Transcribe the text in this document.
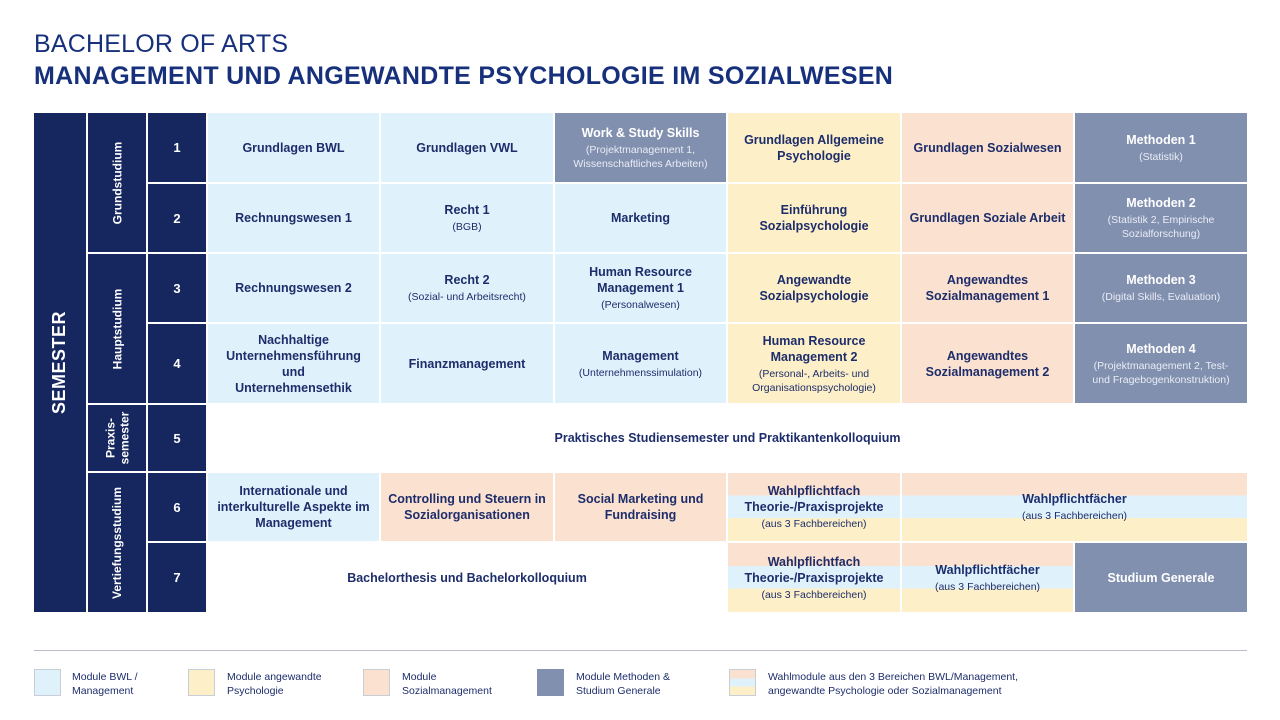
BACHELOR OF ARTS
MANAGEMENT UND ANGEWANDTE PSYCHOLOGIE IM SOZIALWESEN
SEMESTER
Grundstudium
Hauptstudium
Praxis-
semester
Vertiefungsstudium
1
2
3
4
5
6
7
Grundlagen BWL	Grundlagen VWL
Work & Study Skills
(Projektmanagement 1,
Wissenschaftliches Arbeiten)
Grundlagen Allgemeine
Psychologie
Grundlagen Sozialwesen
Methoden 1
(Statistik)
Rechnungswesen 1
Recht 1
(BGB)
Marketing
Einführung
Sozialpsychologie
Grundlagen Soziale Arbeit
Methoden 2
(Statistik 2, Empirische
Sozialforschung)
Rechnungswesen 2
Recht 2
(Sozial- und Arbeitsrecht)
Human Resource
Management 1
(Personalwesen)
Angewandte
Sozialpsychologie
Angewandtes
Sozialmanagement 1
Methoden 3
(Digital Skills, Evaluation)
Nachhaltige
Unternehmensführung und
Unternehmensethik
Finanzmanagement
Management
(Unternehmenssimulation)
Human Resource
Management 2
(Personal-, Arbeits- und
Organisationspsychologie)
Angewandtes
Sozialmanagement 2
Methoden 4
(Projektmanagement 2, Test-
und Fragebogenkonstruktion)
Praktisches Studiensemester und Praktikantenkolloquium
Internationale und
interkulturelle Aspekte im
Management
Controlling und Steuern in
Sozialorganisationen
Social Marketing und
Fundraising
Wahlpflichtfach
Theorie-/Praxisprojekte
(aus 3 Fachbereichen)
Wahlpflichtfächer
(aus 3 Fachbereichen)
Bachelorthesis und Bachelorkolloquium
Wahlpflichtfach
Theorie-/Praxisprojekte
(aus 3 Fachbereichen)
Wahlpflichtfächer
(aus 3 Fachbereichen)
Studium Generale
Module BWL /
Management
Module angewandte
Psychologie
Module
Sozialmanagement
Module Methoden &
Studium Generale
Wahlmodule aus den 3 Bereichen BWL/Management,
angewandte Psychologie oder Sozialmanagement
